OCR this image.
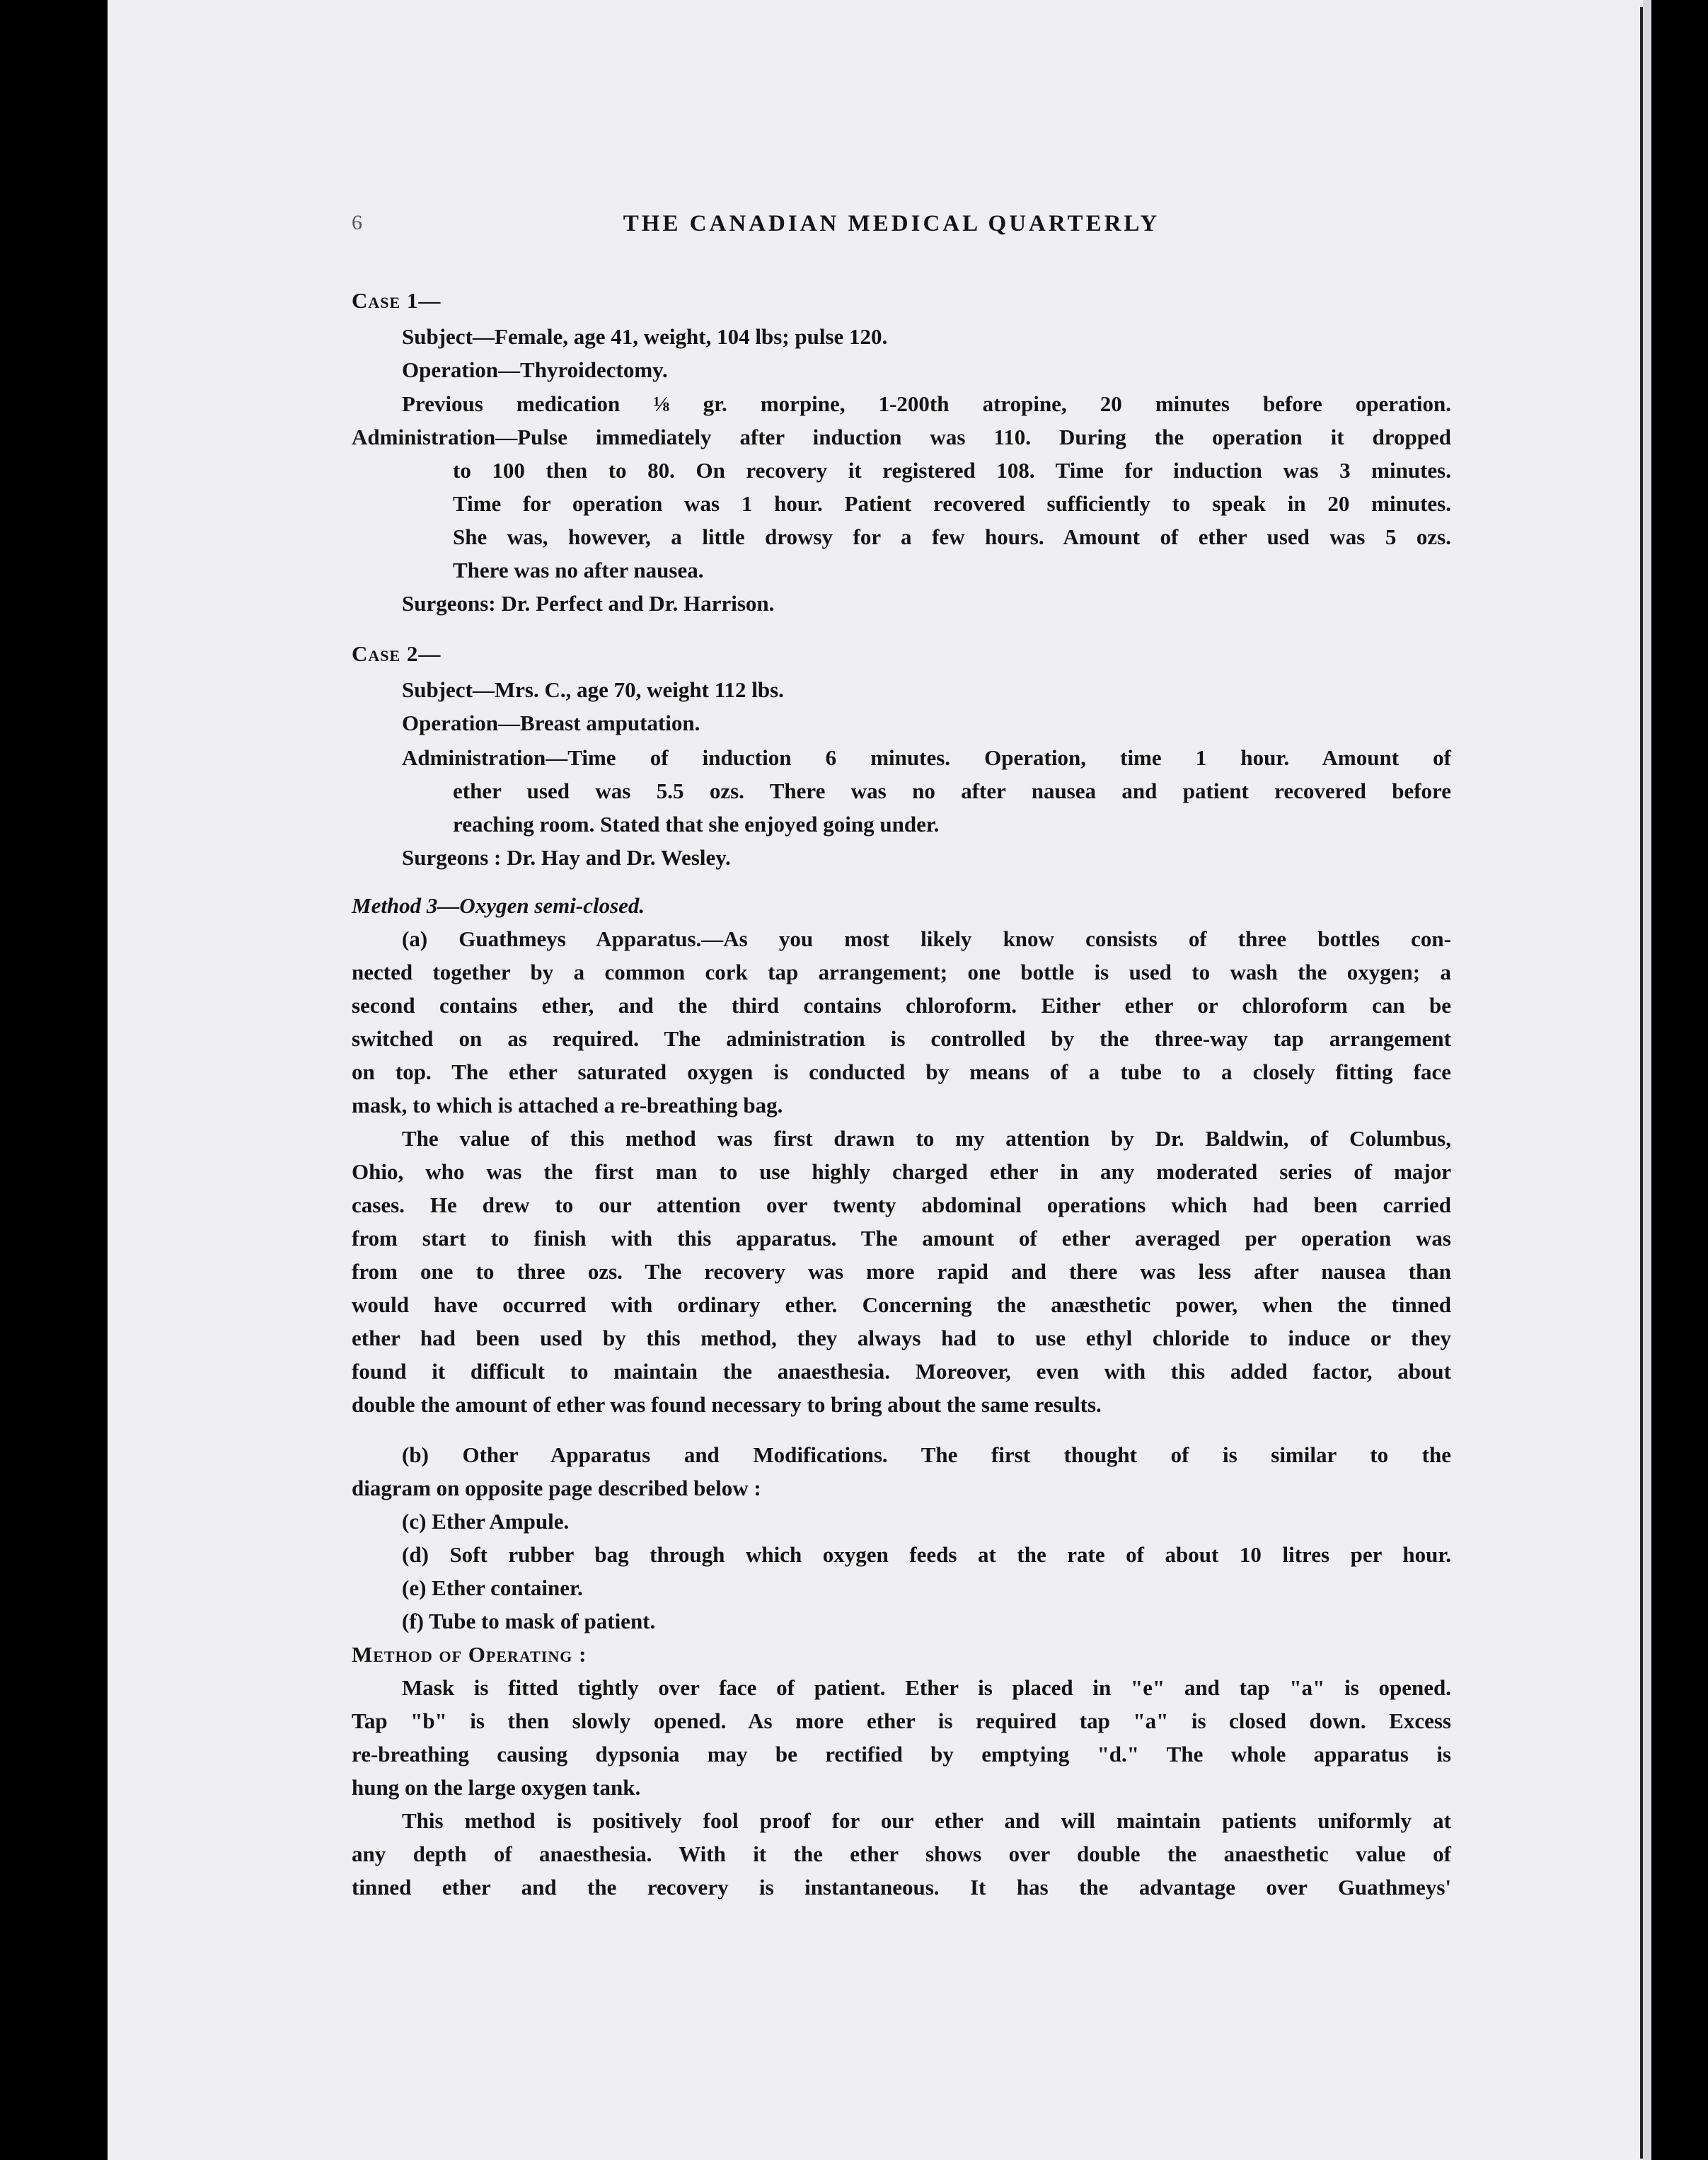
6	THE CANADIAN MEDICAL QUARTERLY
Case 1—
Subject—Female, age 41, weight, 104 lbs; pulse 120.
Operation—Thyroidectomy.
Previous medication ⅛ gr. morpine, 1-200th atropine, 20 minutes before operation.
Administration—Pulse immediately after induction was 110. During the operation it dropped
to 100 then to 80. On recovery it registered 108. Time for induction was 3 minutes.
Time for operation was 1 hour. Patient recovered sufficiently to speak in 20 minutes.
She was, however, a little drowsy for a few hours. Amount of ether used was 5 ozs.
There was no after nausea.
Surgeons: Dr. Perfect and Dr. Harrison.
Case 2—
Subject—Mrs. C., age 70, weight 112 lbs.
Operation—Breast amputation.
Administration—Time of induction 6 minutes. Operation, time 1 hour. Amount of
ether used was 5.5 ozs. There was no after nausea and patient recovered before
reaching room. Stated that she enjoyed going under.
Surgeons : Dr. Hay and Dr. Wesley.
Method 3—Oxygen semi-closed.
(a) Guathmeys Apparatus.—As you most likely know consists of three bottles con-
nected together by a common cork tap arrangement; one bottle is used to wash the oxygen; a
second contains ether, and the third contains chloroform. Either ether or chloroform can be
switched on as required. The administration is controlled by the three-way tap arrangement
on top. The ether saturated oxygen is conducted by means of a tube to a closely fitting face
mask, to which is attached a re-breathing bag.
The value of this method was first drawn to my attention by Dr. Baldwin, of Columbus,
Ohio, who was the first man to use highly charged ether in any moderated series of major
cases. He drew to our attention over twenty abdominal operations which had been carried
from start to finish with this apparatus. The amount of ether averaged per operation was
from one to three ozs. The recovery was more rapid and there was less after nausea than
would have occurred with ordinary ether. Concerning the anæsthetic power, when the tinned
ether had been used by this method, they always had to use ethyl chloride to induce or they
found it difficult to maintain the anaesthesia. Moreover, even with this added factor, about
double the amount of ether was found necessary to bring about the same results.
(b) Other Apparatus and Modifications. The first thought of is similar to the
diagram on opposite page described below :
(c) Ether Ampule.
(d) Soft rubber bag through which oxygen feeds at the rate of about 10 litres per hour.
(e) Ether container.
(f) Tube to mask of patient.
Method of Operating :
Mask is fitted tightly over face of patient. Ether is placed in "e" and tap "a" is opened.
Tap "b" is then slowly opened. As more ether is required tap "a" is closed down. Excess
re-breathing causing dypsonia may be rectified by emptying "d." The whole apparatus is
hung on the large oxygen tank.
This method is positively fool proof for our ether and will maintain patients uniformly at
any depth of anaesthesia. With it the ether shows over double the anaesthetic value of
tinned ether and the recovery is instantaneous. It has the advantage over Guathmeys'
